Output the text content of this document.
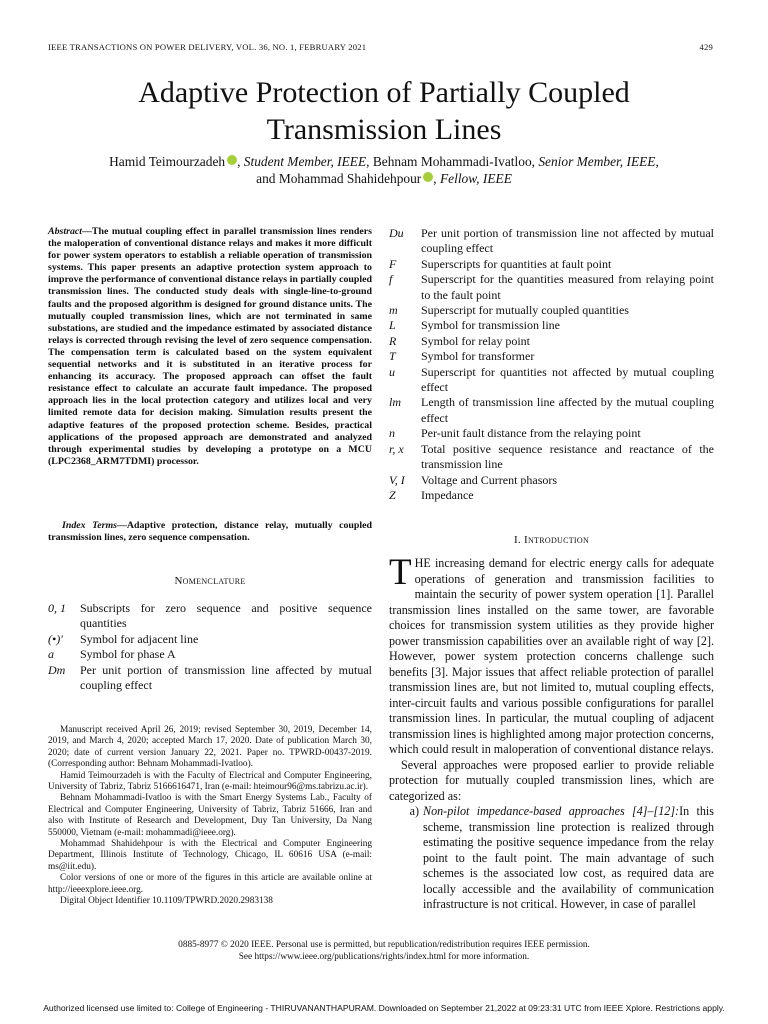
IEEE TRANSACTIONS ON POWER DELIVERY, VOL. 36, NO. 1, FEBRUARY 2021	429
Adaptive Protection of Partially Coupled
Transmission Lines
Hamid Teimourzadeh , Student Member, IEEE, Behnam Mohammadi-Ivatloo, Senior Member, IEEE,
and Mohammad Shahidehpour , Fellow, IEEE
Abstract—The mutual coupling effect in parallel transmission lines renders the maloperation of conventional distance relays and makes it more difficult for power system operators to establish a reliable operation of transmission systems. This paper presents an adaptive protection system approach to improve the performance of conventional distance relays in partially coupled transmission lines. The conducted study deals with single-line-to-ground faults and the proposed algorithm is designed for ground distance units. The mutually coupled transmission lines, which are not terminated in same substations, are studied and the impedance estimated by associated distance relays is corrected through revising the level of zero sequence compensation. The compensation term is calculated based on the system equivalent sequential networks and it is substituted in an iterative process for enhancing its accuracy. The proposed approach can offset the fault resistance effect to calculate an accurate fault impedance. The proposed approach lies in the local protection category and utilizes local and very limited remote data for decision making. Simulation results present the adaptive features of the proposed protection scheme. Besides, practical applications of the proposed approach are demonstrated and analyzed through experimental studies by developing a prototype on a MCU (LPC2368_ARM7TDMI) processor.
Index Terms—Adaptive protection, distance relay, mutually coupled transmission lines, zero sequence compensation.
Nomenclature
0, 1	Subscripts for zero sequence and positive sequence quantities
(•)′	Symbol for adjacent line
a	Symbol for phase A
Dm	Per unit portion of transmission line affected by mutual coupling effect

Manuscript received April 26, 2019; revised September 30, 2019, December 14, 2019, and March 4, 2020; accepted March 17, 2020. Date of publication March 30, 2020; date of current version January 22, 2021. Paper no. TPWRD-00437-2019. (Corresponding author: Behnam Mohammadi-Ivatloo).

Hamid Teimourzadeh is with the Faculty of Electrical and Computer Engineering, University of Tabriz, Tabriz 5166616471, Iran (e-mail: hteimour96@ms.tabrizu.ac.ir).

Behnam Mohammadi-Ivatloo is with the Smart Energy Systems Lab., Faculty of Electrical and Computer Engineering, University of Tabriz, Tabriz 51666, Iran and also with Institute of Research and Development, Duy Tan University, Da Nang 550000, Vietnam (e-mail: mohammadi@ieee.org).

Mohammad Shahidehpour is with the Electrical and Computer Engineering Department, Illinois Institute of Technology, Chicago, IL 60616 USA (e-mail: ms@iit.edu).

Color versions of one or more of the figures in this article are available online at http://ieeexplore.ieee.org.

Digital Object Identifier 10.1109/TPWRD.2020.2983138

Du	Per unit portion of transmission line not affected by mutual coupling effect
F	Superscripts for quantities at fault point
f	Superscript for the quantities measured from relaying point to the fault point
m	Superscript for mutually coupled quantities
L	Symbol for transmission line
R	Symbol for relay point
T	Symbol for transformer
u	Superscript for quantities not affected by mutual coupling effect
lm	Length of transmission line affected by the mutual coupling effect
n	Per-unit fault distance from the relaying point
r, x	Total positive sequence resistance and reactance of the transmission line
V, I	Voltage and Current phasors
Z	Impedance
I. Introduction

THE increasing demand for electric energy calls for adequate operations of generation and transmission facilities to maintain the security of power system operation [1]. Parallel transmission lines installed on the same tower, are favorable choices for transmission system utilities as they provide higher power transmission capabilities over an available right of way [2]. However, power system protection concerns challenge such benefits [3]. Major issues that affect reliable protection of parallel transmission lines are, but not limited to, mutual coupling effects, inter-circuit faults and various possible configurations for parallel transmission lines. In particular, the mutual coupling of adjacent transmission lines is highlighted among major protection concerns, which could result in maloperation of conventional distance relays.

Several approaches were proposed earlier to provide reliable protection for mutually coupled transmission lines, which are categorized as:

a) Non-pilot impedance-based approaches [4]–[12]:In this scheme, transmission line protection is realized through estimating the positive sequence impedance from the relay point to the fault point. The main advantage of such schemes is the associated low cost, as required data are locally accessible and the availability of communication infrastructure is not critical. However, in case of parallel
0885-8977 © 2020 IEEE. Personal use is permitted, but republication/redistribution requires IEEE permission.
See https://www.ieee.org/publications/rights/index.html for more information.
Authorized licensed use limited to: College of Engineering - THIRUVANANTHAPURAM. Downloaded on September 21,2022 at 09:23:31 UTC from IEEE Xplore. Restrictions apply.
